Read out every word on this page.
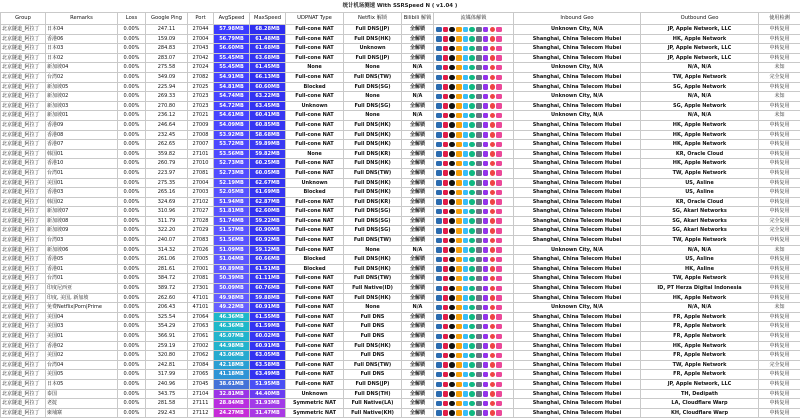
统计机场测速 With SSRSpeed N ( v1.04 )
Group	Remarks	Loss	Google Ping	Port	AvgSpeed	MaxSpeed	UDPNAT Type	Netflix 解锁	Bilibili 解锁	流媒体解锁	Inbound Geo	Outbound Geo	使用检测
北京隧道_阿拉丁	日本04	0.00%	247.11	27044	57.98MB	68.28MB	Full-cone NAT	Full DNS(JP)	全解锁		Unknown City, N/A	JP, Apple Network, LLC	中转复用
北京隧道_阿拉丁	香港06	0.00%	159.09	27004	56.79MB	61.48MB	Full-cone NAT	Full DNS(HK)	全解锁		Shanghai, China Telecom Hubei	HK, Apple Network	中转复用
北京隧道_阿拉丁	日本03	0.00%	284.83	27043	56.60MB	61.68MB	Full-cone NAT	Unknown	全解锁		Shanghai, China Telecom Hubei	JP, Apple Network, LLC	中转复用
北京隧道_阿拉丁	日本02	0.00%	283.07	27042	55.45MB	63.68MB	Full-cone NAT	Full DNS(JP)	全解锁		Shanghai, China Telecom Hubei	JP, Apple Network, LLC	中转复用
北京隧道_阿拉丁	新加坡04	0.00%	275.58	27024	55.45MB	61.45MB	None	None	N/A		Unknown City, N/A	N/A, N/A	未知
北京隧道_阿拉丁	台湾02	0.00%	349.09	27082	54.91MB	66.13MB	Full-cone NAT	Full DNS(TW)	全解锁		Shanghai, China Telecom Hubei	TW, Apple Network	完全复用
北京隧道_阿拉丁	新加坡05	0.00%	225.94	27025	54.81MB	60.60MB	Blocked	Full DNS(SG)	全解锁		Shanghai, China Telecom Hubei	SG, Apple Network	中转复用
北京隧道_阿拉丁	新加坡02	0.00%	269.33	27023	54.74MB	63.22MB	Full-cone NAT	None	N/A		Unknown City, N/A	N/A, N/A	未知
北京隧道_阿拉丁	新加坡03	0.00%	270.80	27023	54.72MB	63.45MB	Unknown	Full DNS(SG)	全解锁		Shanghai, China Telecom Hubei	SG, Apple Network	中转复用
北京隧道_阿拉丁	新加坡01	0.00%	236.12	27021	54.61MB	60.41MB	Full-cone NAT	None	N/A		Unknown City, N/A	N/A, N/A	未知
北京隧道_阿拉丁	香港09	0.00%	246.64	27009	54.09MB	60.85MB	Full-cone NAT	Full DNS(HK)	全解锁		Shanghai, China Telecom Hubei	HK, Apple Network	中转复用
北京隧道_阿拉丁	香港08	0.00%	232.45	27008	53.92MB	58.68MB	Full-cone NAT	Full DNS(HK)	全解锁		Shanghai, China Telecom Hubei	HK, Apple Network	中转复用
北京隧道_阿拉丁	香港07	0.00%	262.65	27007	53.72MB	59.89MB	Full-cone NAT	Full DNS(HK)	全解锁		Shanghai, China Telecom Hubei	HK, Apple Network	中转复用
北京隧道_阿拉丁	韩国01	0.00%	359.82	27101	53.56MB	59.82MB	None	Full DNS(KR)	全解锁		Shanghai, China Telecom Hubei	KR, Oracle Cloud	中转复用
北京隧道_阿拉丁	香港10	0.00%	260.79	27010	52.73MB	60.25MB	Full-cone NAT	Full DNS(HK)	全解锁		Shanghai, China Telecom Hubei	HK, Apple Network	中转复用
北京隧道_阿拉丁	台湾01	0.00%	223.97	27081	52.73MB	60.05MB	Full-cone NAT	Full DNS(TW)	全解锁		Shanghai, China Telecom Hubei	TW, Apple Network	中转复用
北京隧道_阿拉丁	美国01	0.00%	275.35	27004	52.19MB	62.67MB	Unknown	Full DNS(HK)	全解锁		Shanghai, China Telecom Hubei	US, Asline	中转复用
北京隧道_阿拉丁	香港03	0.00%	265.16	27003	52.05MB	61.69MB	Blocked	Full DNS(HK)	全解锁		Shanghai, China Telecom Hubei	US, Asline	中转复用
北京隧道_阿拉丁	韩国02	0.00%	324.69	27102	51.94MB	62.87MB	Full-cone NAT	Full DNS(KR)	全解锁		Shanghai, China Telecom Hubei	KR, Oracle Cloud	中转复用
北京隧道_阿拉丁	新加坡07	0.00%	310.96	27027	51.81MB	62.60MB	Full-cone NAT	Full DNS(SG)	全解锁		Shanghai, China Telecom Hubei	SG, Akari Networks	中转复用
北京隧道_阿拉丁	新加坡08	0.00%	311.79	27028	51.74MB	59.22MB	Full-cone NAT	Full DNS(SG)	全解锁		Shanghai, China Telecom Hubei	SG, Akari Networks	完全复用
北京隧道_阿拉丁	新加坡09	0.00%	322.20	27029	51.57MB	60.90MB	Full-cone NAT	Full DNS(SG)	全解锁		Shanghai, China Telecom Hubei	SG, Akari Networks	完全复用
北京隧道_阿拉丁	台湾03	0.00%	240.07	27083	51.56MB	60.92MB	Full-cone NAT	Full DNS(TW)	全解锁		Shanghai, China Telecom Hubei	TW, Apple Network	中转复用
北京隧道_阿拉丁	新加坡06	0.00%	314.32	27026	51.09MB	59.12MB	Full-cone NAT	None	N/A		Unknown City, N/A	N/A, N/A	未知
北京隧道_阿拉丁	香港05	0.00%	261.06	27005	51.04MB	60.66MB	Blocked	Full DNS(HK)	全解锁		Shanghai, China Telecom Hubei	US, Asline	中转复用
北京隧道_阿拉丁	香港01	0.00%	281.61	27001	50.89MB	61.51MB	Blocked	Full DNS(HK)	全解锁		Shanghai, China Telecom Hubei	HK, Asline	中转复用
北京隧道_阿拉丁	台湾01	0.00%	384.72	27081	50.39MB	61.11MB	Full-cone NAT	Full DNS(TW)	全解锁		Shanghai, China Telecom Hubei	TW, Apple Network	中转复用
北京隧道_阿拉丁	印度尼西亚	0.00%	389.72	27301	50.09MB	60.76MB	Full-cone NAT	Full Native(ID)	全解锁		Shanghai, China Telecom Hubei	ID, PT Herza Digital Indonesia	中转复用
北京隧道_阿拉丁	印度, 美国, 新加坡	0.00%	262.60	47101	49.98MB	59.88MB	Full-cone NAT	Full DNS(HK)	全解锁		Shanghai, China Telecom Hubei	HK, Apple Network	中转复用
北京隧道_阿拉丁	免费Netflix|Porn|Prime	0.00%	206.43	47101	49.22MB	60.91MB	Full-cone NAT	None	N/A		Unknown City, N/A	N/A, N/A	未知
北京隧道_阿拉丁	美国04	0.00%	325.54	27064	46.36MB	61.55MB	Full-cone NAT	Full DNS	全解锁		Shanghai, China Telecom Hubei	FR, Apple Network	中转复用
北京隧道_阿拉丁	美国03	0.00%	354.29	27063	46.36MB	61.59MB	Full-cone NAT	Full DNS	全解锁		Shanghai, China Telecom Hubei	FR, Apple Network	中转复用
北京隧道_阿拉丁	美国01	0.00%	366.91	27061	45.07MB	60.02MB	Full-cone NAT	Full DNS	全解锁		Shanghai, China Telecom Hubei	FR, Apple Network	中转复用
北京隧道_阿拉丁	香港02	0.00%	259.19	27002	44.98MB	60.91MB	Full-cone NAT	Full DNS(HK)	全解锁		Shanghai, China Telecom Hubei	HK, Apple Network	中转复用
北京隧道_阿拉丁	美国02	0.00%	320.80	27062	43.06MB	63.05MB	Full-cone NAT	Full DNS	全解锁		Shanghai, China Telecom Hubei	FR, Apple Network	中转复用
北京隧道_阿拉丁	台湾04	0.00%	242.81	27084	42.18MB	63.58MB	Full-cone NAT	Full DNS(TW)	全解锁		Shanghai, China Telecom Hubei	TW, Apple Network	完全复用
北京隧道_阿拉丁	美国05	0.00%	317.99	27065	41.18MB	63.49MB	Full-cone NAT	Full DNS	全解锁		Shanghai, China Telecom Hubei	FR, Apple Network	中转复用
北京隧道_阿拉丁	日本05	0.00%	240.96	27045	38.61MB	51.95MB	Full-cone NAT	Full DNS(JP)	全解锁		Shanghai, China Telecom Hubei	JP, Apple Network, LLC	中转复用
北京隧道_阿拉丁	泰国	0.00%	343.75	27104	32.81MB	44.40MB	Unknown	Full DNS(TH)	全解锁		Shanghai, China Telecom Hubei	TH, Dedipath	中转复用
北京隧道_阿拉丁	老挝	0.00%	281.58	27111	28.84MB	31.93MB	Symmetric NAT	Full Native(LA)	全解锁		Shanghai, China Telecom Hubei	LA, Cloudflare Warp	中转复用
北京隧道_阿拉丁	柬埔寨	0.00%	292.43	27112	24.27MB	31.47MB	Symmetric NAT	Full Native(KH)	全解锁		Shanghai, China Telecom Hubei	KH, Cloudflare Warp	中转复用
